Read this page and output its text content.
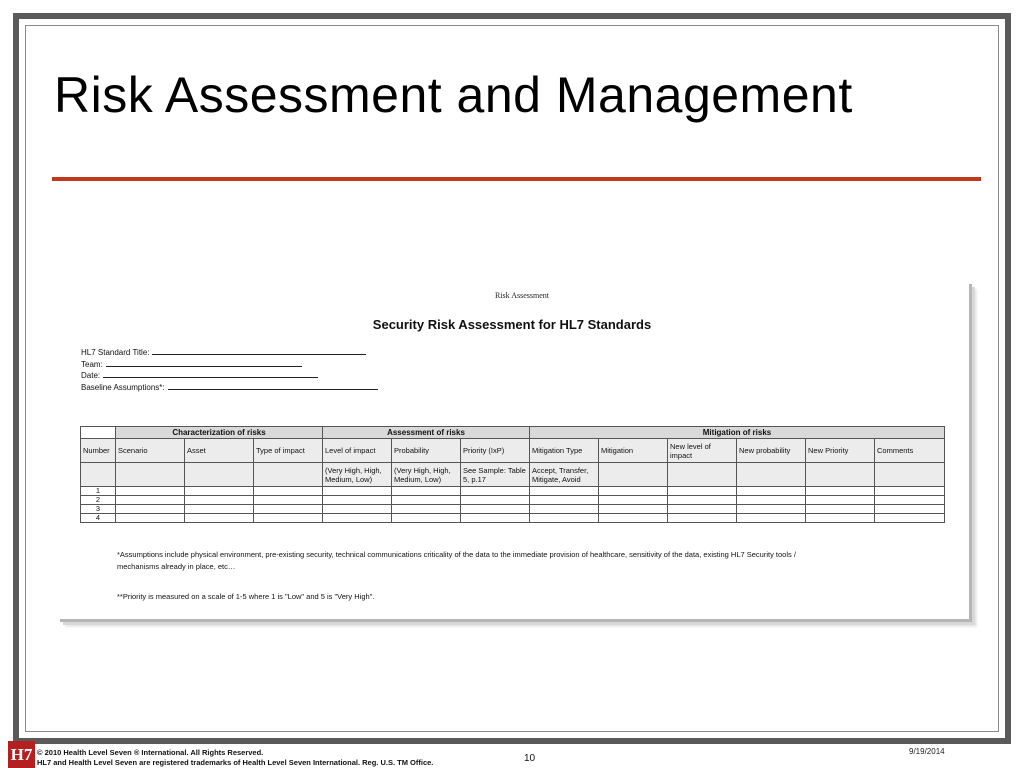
Risk Assessment and Management
Risk Assessment
Security Risk Assessment for HL7 Standards
HL7 Standard Title:
Team:
Date:
Baseline Assumptions*:
	Characterization of risks			Assessment of risks			Mitigation of risks					
Number	Scenario	Asset	Type of impact	Level of impact	Probability	Priority (IxP)	Mitigation Type	Mitigation	New level of impact	New probability	New Priority	Comments
				(Very High, High, Medium, Low)	(Very High, High, Medium, Low)	See Sample: Table 5, p.17	Accept, Transfer, Mitigate, Avoid					
1												
2												
3												
4												
*Assumptions include physical environment, pre-existing security, technical communications criticality of the data to the immediate provision of healthcare, sensitivity of the data, existing HL7 Security tools / mechanisms already in place, etc…
**Priority is measured on a scale of 1-5 where 1 is "Low" and 5 is "Very High".
H7 © 2010 Health Level Seven ® International. All Rights Reserved.
HL7 and Health Level Seven are registered trademarks of Health Level Seven International. Reg. U.S. TM Office.	10
9/19/2014
